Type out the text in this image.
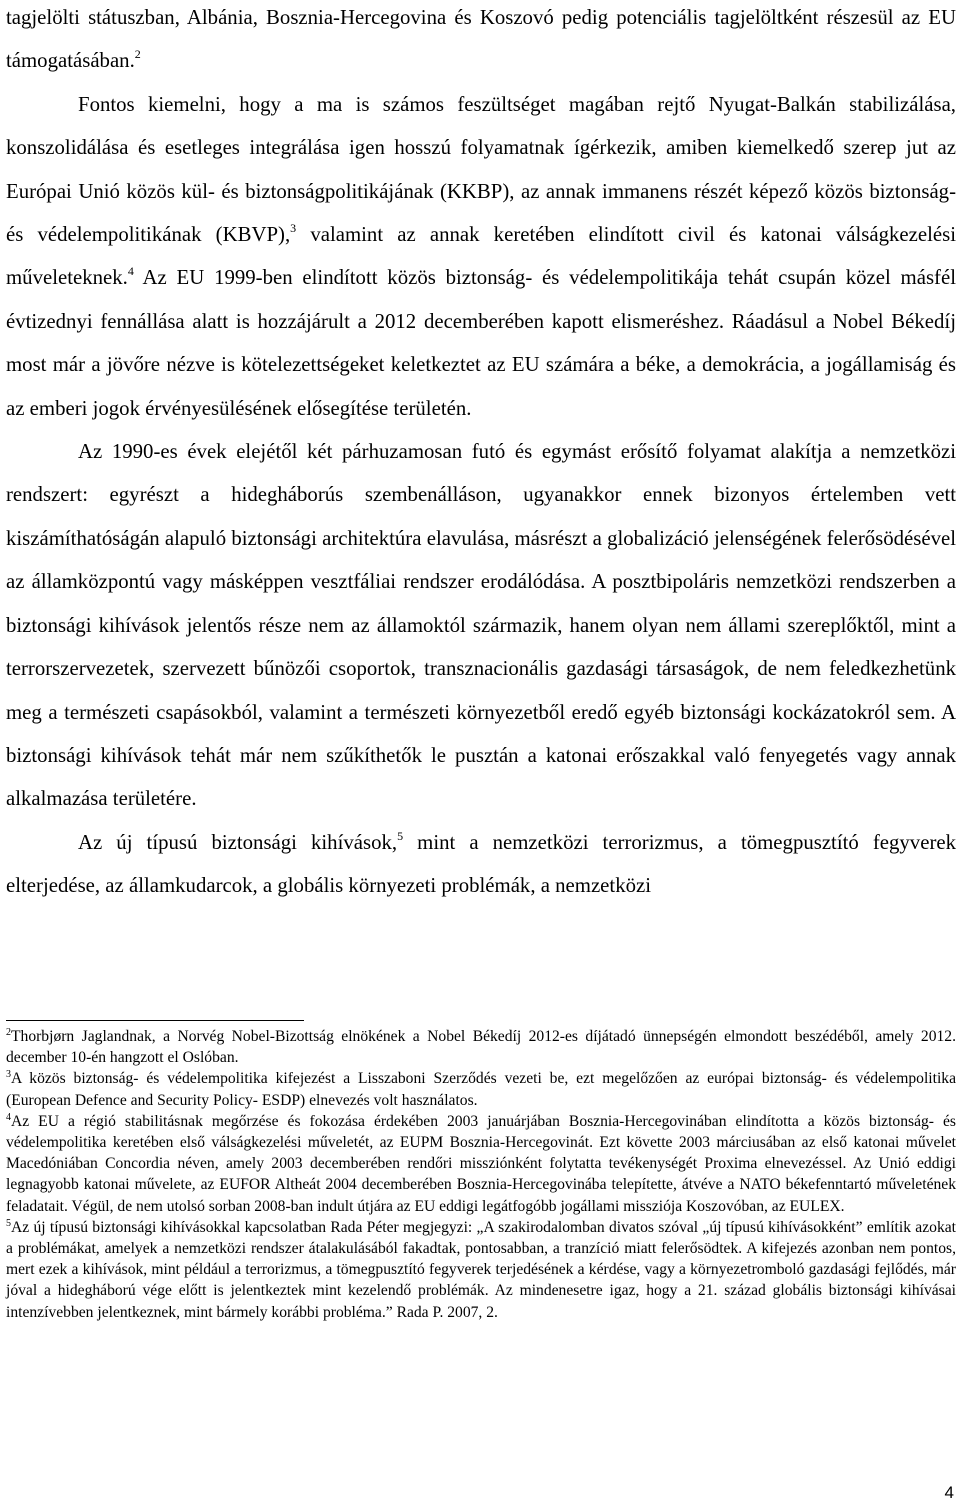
tagjelölti státuszban, Albánia, Bosznia-Hercegovina és Koszovó pedig potenciális tagjelöltként részesül az EU támogatásában.$^2$

Fontos kiemelni, hogy a ma is számos feszültséget magában rejtő Nyugat-Balkán stabilizálása, konszolidálása és esetleges integrálása igen hosszú folyamatnak ígérkezik, amiben kiemelkedő szerep jut az Európai Unió közös kül- és biztonságpolitikájának (KKBP), az annak immanens részét képező közös biztonság- és védelempolitikának (KBVP),$^3$ valamint az annak keretében elindított civil és katonai válságkezelési műveleteknek.$^4$ Az EU 1999-ben elindított közös biztonság- és védelempolitikája tehát csupán közel másfél évtizednyi fennállása alatt is hozzájárult a 2012 decemberében kapott elismeréshez. Ráadásul a Nobel Békedíj most már a jövőre nézve is kötelezettségeket keletkeztet az EU számára a béke, a demokrácia, a jogállamiság és az emberi jogok érvényesülésének elősegítése területén.

Az 1990-es évek elejétől két párhuzamosan futó és egymást erősítő folyamat alakítja a nemzetközi rendszert: egyrészt a hidegháborús szembenálláson, ugyanakkor ennek bizonyos értelemben vett kiszámíthatóságán alapuló biztonsági architektúra elavulása, másrészt a globalizáció jelenségének felerősödésével az államközpontú vagy másképpen vesztfáliai rendszer erodálódása. A posztbipoláris nemzetközi rendszerben a biztonsági kihívások jelentős része nem az államoktól származik, hanem olyan nem állami szereplőktől, mint a terrorszervezetek, szervezett bűnözői csoportok, transznacionális gazdasági társaságok, de nem feledkezhetünk meg a természeti csapásokból, valamint a természeti környezetből eredő egyéb biztonsági kockázatokról sem. A biztonsági kihívások tehát már nem szűkíthetők le pusztán a katonai erőszakkal való fenyegetés vagy annak alkalmazása területére.

Az új típusú biztonsági kihívások,$^5$ mint a nemzetközi terrorizmus, a tömegpusztító fegyverek elterjedése, az államkudarcok, a globális környezeti problémák, a nemzetközi

$^2$Thorbjørn Jaglandnak, a Norvég Nobel-Bizottság elnökének a Nobel Békedíj 2012-es díjátadó ünnepségén elmondott beszédéből, amely 2012. december 10-én hangzott el Oslóban.

$^3$A közös biztonság- és védelempolitika kifejezést a Lisszaboni Szerződés vezeti be, ezt megelőzően az európai biztonság- és védelempolitika (European Defence and Security Policy- ESDP) elnevezés volt használatos.

$^4$Az EU a régió stabilitásnak megőrzése és fokozása érdekében 2003 januárjában Bosznia-Hercegovinában elindította a közös biztonság- és védelempolitika keretében első válságkezelési műveletét, az EUPM Bosznia-Hercegovinát. Ezt követte 2003 márciusában az első katonai művelet Macedóniában Concordia néven, amely 2003 decemberében rendőri missziónként folytatta tevékenységét Proxima elnevezéssel. Az Unió eddigi legnagyobb katonai művelete, az EUFOR Altheát 2004 decemberében Bosznia-Hercegovinába telepítette, átvéve a NATO békefenntartó műveletének feladatait. Végül, de nem utolsó sorban 2008-ban indult útjára az EU eddigi legátfogóbb jogállami missziója Koszovóban, az EULEX.

$^5$Az új típusú biztonsági kihívásokkal kapcsolatban Rada Péter megjegyzi: „A szakirodalomban divatos szóval „új típusú kihívásokként” említik azokat a problémákat, amelyek a nemzetközi rendszer átalakulásából fakadtak, pontosabban, a tranzíció miatt felerősödtek. A kifejezés azonban nem pontos, mert ezek a kihívások, mint például a terrorizmus, a tömegpusztító fegyverek terjedésének a kérdése, vagy a környezetromboló gazdasági fejlődés, már jóval a hidegháború vége előtt is jelentkeztek mint kezelendő problémák. Az mindenesetre igaz, hogy a 21. század globális biztonsági kihívásai intenzívebben jelentkeznek, mint bármely korábbi probléma.” Rada P. 2007, 2.

4
